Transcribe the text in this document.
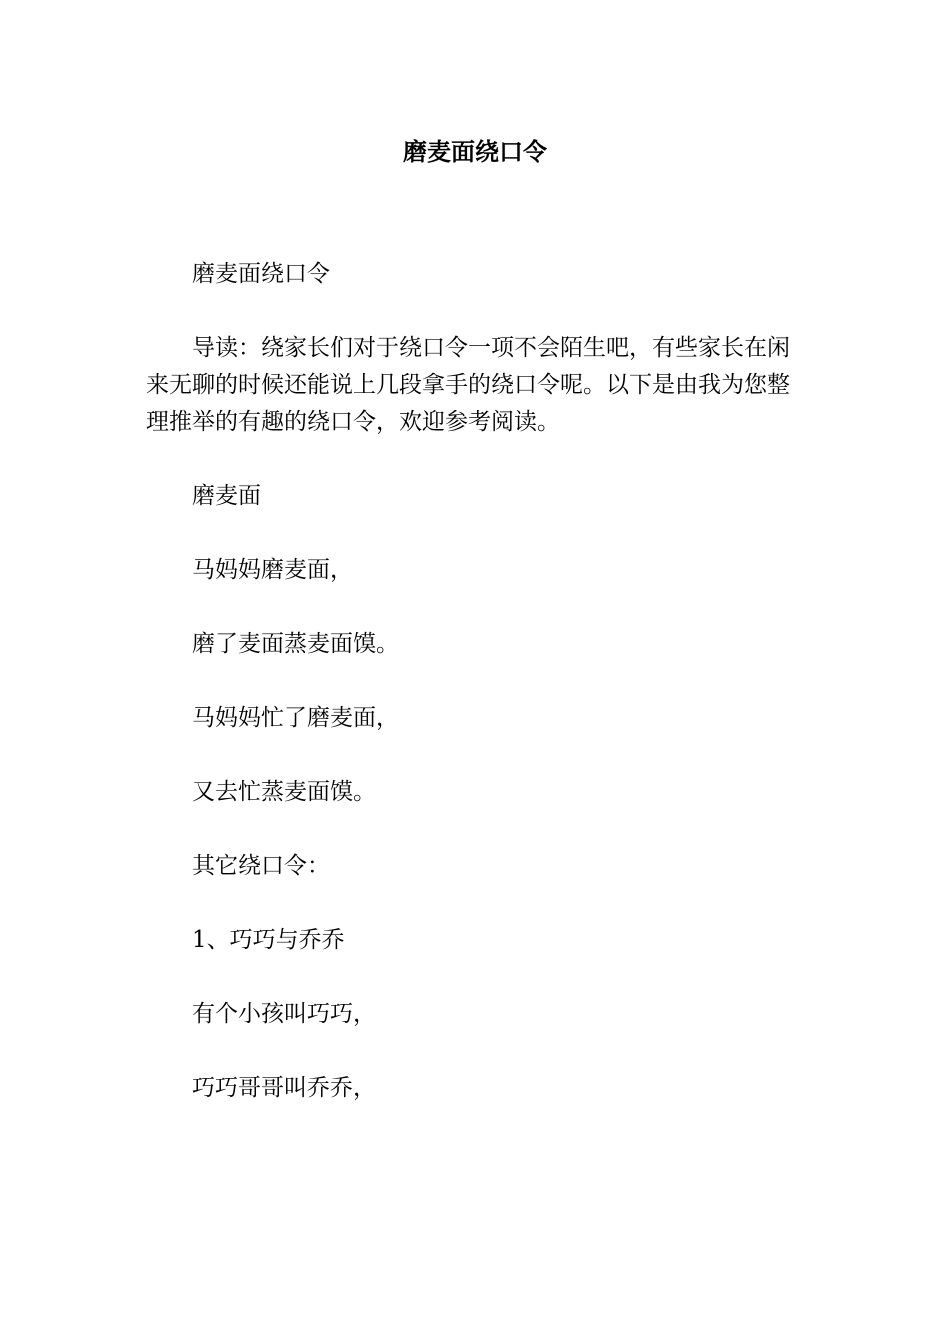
磨麦面绕口令

磨麦面绕口令

导读：绕家长们对于绕口令一项不会陌生吧，有些家长在闲来无聊的时候还能说上几段拿手的绕口令呢。以下是由我为您整理推举的有趣的绕口令，欢迎参考阅读。

磨麦面

马妈妈磨麦面，

磨了麦面蒸麦面馍。

马妈妈忙了磨麦面，

又去忙蒸麦面馍。

其它绕口令：

1、巧巧与乔乔

有个小孩叫巧巧，

巧巧哥哥叫乔乔，
